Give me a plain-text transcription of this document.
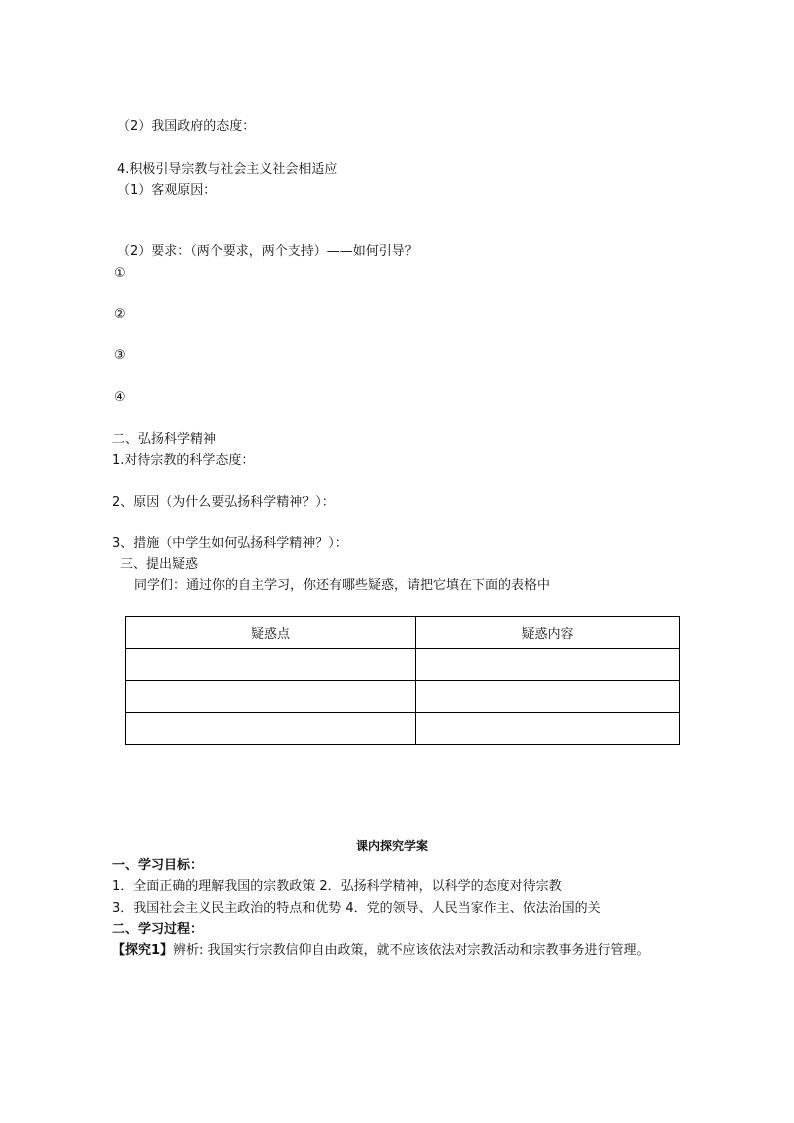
（2）我国政府的态度：
4.积极引导宗教与社会主义社会相适应
（1）客观原因：
（2）要求：（两个要求，两个支持）——如何引导？
①
②
③
④
二、弘扬科学精神
1.对待宗教的科学态度：
2、原因（为什么要弘扬科学精神？）：
3、措施（中学生如何弘扬科学精神？）：
三、提出疑惑
同学们：通过你的自主学习，你还有哪些疑惑，请把它填在下面的表格中
疑惑点	疑惑内容

课内探究学案
一、学习目标：
1．全面正确的理解我国的宗教政策 2．弘扬科学精神，以科学的态度对待宗教
3．我国社会主义民主政治的特点和优势 4．党的领导、人民当家作主、依法治国的关
二、学习过程：
【探究1】辨析: 我国实行宗教信仰自由政策，就不应该依法对宗教活动和宗教事务进行管理。
